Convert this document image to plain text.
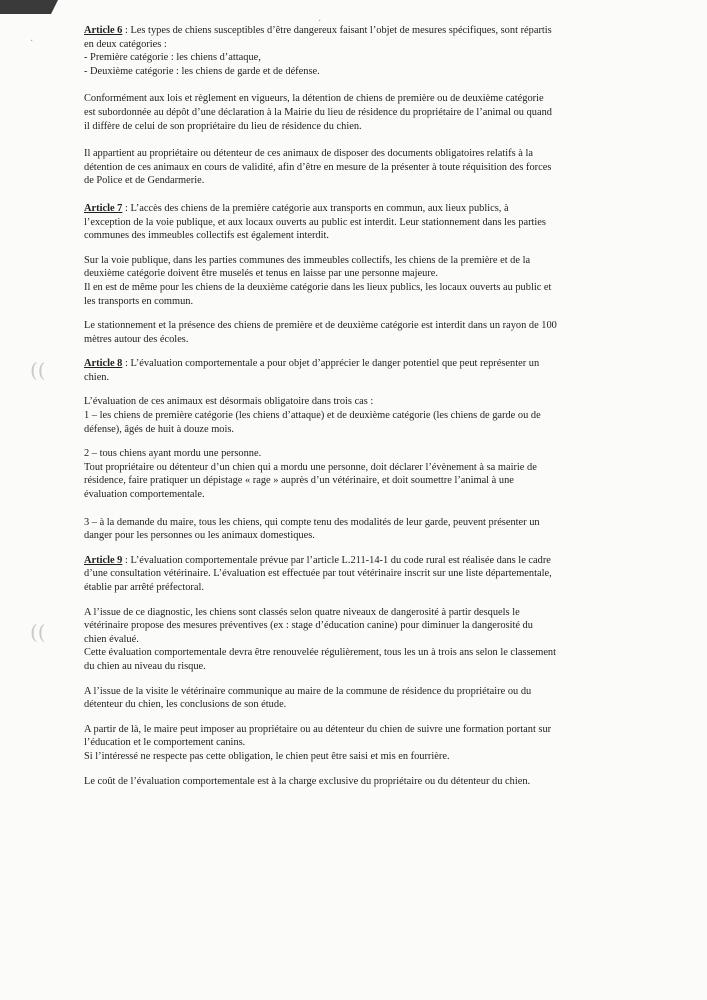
·
·
((
((
Article 6 : Les types de chiens susceptibles d’être dangereux faisant l’objet de mesures spécifiques, sont répartis
en deux catégories :
- Première catégorie : les chiens d’attaque,
- Deuxième catégorie : les chiens de garde et de défense.
Conformément aux lois et règlement en vigueurs, la détention de chiens de première ou de deuxième catégorie
est subordonnée au dépôt d’une déclaration à la Mairie du lieu de résidence du propriétaire de l’animal ou quand
il diffère de celui de son propriétaire du lieu de résidence du chien.
Il appartient au propriétaire ou détenteur de ces animaux de disposer des documents obligatoires relatifs à la
détention de ces animaux en cours de validité, afin d’être en mesure de la présenter à toute réquisition des forces
de Police et de Gendarmerie.
Article 7 : L’accès des chiens de la première catégorie aux transports en commun, aux lieux publics, à
l’exception de la voie publique, et aux locaux ouverts au public est interdit. Leur stationnement dans les parties
communes des immeubles collectifs est également interdit.
Sur la voie publique, dans les parties communes des immeubles collectifs, les chiens de la première et de la
deuxième catégorie doivent être muselés et tenus en laisse par une personne majeure.
Il en est de même pour les chiens de la deuxième catégorie dans les lieux publics, les locaux ouverts au public et
les transports en commun.
Le stationnement et la présence des chiens de première et de deuxième catégorie est interdit dans un rayon de 100
mètres autour des écoles.
Article 8 : L’évaluation comportementale a pour objet d’apprécier le danger potentiel que peut représenter un
chien.
L’évaluation de ces animaux est désormais obligatoire dans trois cas :
1 – les chiens de première catégorie (les chiens d’attaque) et de deuxième catégorie (les chiens de garde ou de
défense), âgés de huit à douze mois.
2 – tous chiens ayant mordu une personne.
Tout propriétaire ou détenteur d’un chien qui a mordu une personne, doit déclarer l’évènement à sa mairie de
résidence, faire pratiquer un dépistage « rage » auprès d’un vétérinaire, et doit soumettre l’animal à une
évaluation comportementale.
3 – à la demande du maire, tous les chiens, qui compte tenu des modalités de leur garde, peuvent présenter un
danger pour les personnes ou les animaux domestiques.
Article 9 : L’évaluation comportementale prévue par l’article L.211-14-1 du code rural est réalisée dans le cadre
d’une consultation vétérinaire. L’évaluation est effectuée par tout vétérinaire inscrit sur une liste départementale,
établie par arrêté préfectoral.
A l’issue de ce diagnostic, les chiens sont classés selon quatre niveaux de dangerosité à partir desquels le
vétérinaire propose des mesures préventives (ex : stage d’éducation canine) pour diminuer la dangerosité du
chien évalué.
Cette évaluation comportementale devra être renouvelée régulièrement, tous les un à trois ans selon le classement
du chien au niveau du risque.
A l’issue de la visite le vétérinaire communique au maire de la commune de résidence du propriétaire ou du
détenteur du chien, les conclusions de son étude.
A partir de là, le maire peut imposer au propriétaire ou au détenteur du chien de suivre une formation portant sur
l’éducation et le comportement canins.
Si l’intéressé ne respecte pas cette obligation, le chien peut être saisi et mis en fourrière.
Le coût de l’évaluation comportementale est à la charge exclusive du propriétaire ou du détenteur du chien.
